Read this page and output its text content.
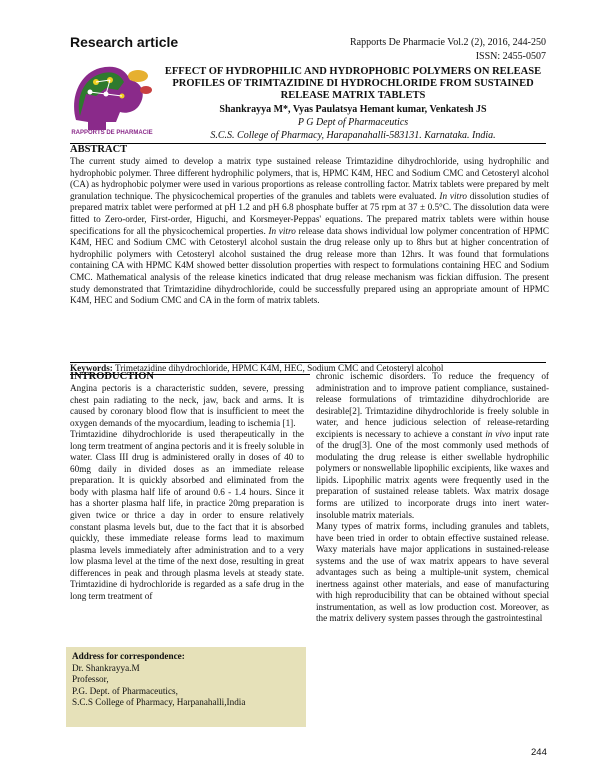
Research article	Rapports De Pharmacie Vol.2 (2), 2016, 244-250
ISSN: 2455-0507
RAPPORTS DE PHARMACIE
EFFECT OF HYDROPHILIC AND HYDROPHOBIC POLYMERS ON RELEASE PROFILES OF TRIMTAZIDINE DI HYDROCHLORIDE FROM SUSTAINED RELEASE MATRIX TABLETS
Shankrayya M*, Vyas Paulatsya Hemant kumar, Venkatesh JS
P G Dept of Pharmaceutics
S.C.S. College of Pharmacy, Harapanahalli-583131. Karnataka. India.
ABSTRACT
The current study aimed to develop a matrix type sustained release Trimtazidine dihydrochloride, using hydrophilic and hydrophobic polymer. Three different hydrophilic polymers, that is, HPMC K4M, HEC and Sodium CMC and Cetosteryl alcohol (CA) as hydrophobic polymer were used in various proportions as release controlling factor. Matrix tablets were prepared by melt granulation technique. The physicochemical properties of the granules and tablets were evaluated. In vitro dissolution studies of prepared matrix tablet were performed at pH 1.2 and pH 6.8 phosphate buffer at 75 rpm at 37 ± 0.5°C. The dissolution data were fitted to Zero-order, First-order, Higuchi, and Korsmeyer-Peppas' equations. The prepared matrix tablets were within house specifications for all the physicochemical properties. In vitro release data shows individual low polymer concentration of HPMC K4M, HEC and Sodium CMC with Cetosteryl alcohol sustain the drug release only up to 8hrs but at higher concentration of hydrophilic polymers with Cetosteryl alcohol sustained the drug release more than 12hrs. It was found that formulations containing CA with HPMC K4M showed better dissolution properties with respect to formulations containing HEC and Sodium CMC. Mathematical analysis of the release kinetics indicated that drug release mechanism was fickian diffusion. The present study demonstrated that Trimtazidine dihydrochloride, could be successfully prepared using an appropriate amount of HPMC K4M, HEC and Sodium CMC and CA in the form of matrix tablets.
Keywords: Trimetazidine dihydrochloride, HPMC K4M, HEC, Sodium CMC and Cetosteryl alcohol
INTRODUCTION

Angina pectoris is a characteristic sudden, severe, pressing chest pain radiating to the neck, jaw, back and arms. It is caused by coronary blood flow that is insufficient to meet the oxygen demands of the myocardium, leading to ischemia [1].

Trimtazidine dihydrochloride is used therapeutically in the long term treatment of angina pectoris and it is freely soluble in water. Class III drug is administered orally in doses of 40 to 60mg daily in divided doses as an immediate release preparation. It is quickly absorbed and eliminated from the body with plasma half life of around 0.6 - 1.4 hours. Since it has a shorter plasma half life, in practice 20mg preparation is given twice or thrice a day in order to ensure relatively constant plasma levels but, due to the fact that it is absorbed quickly, these immediate release forms lead to maximum plasma levels immediately after administration and to a very low plasma level at the time of the next dose, resulting in great differences in peak and through plasma levels at steady state. Trimtazidine di hydrochloride is regarded as a safe drug in the long term treatment of

chronic ischemic disorders. To reduce the frequency of administration and to improve patient compliance, sustained-release formulations of trimtazidine dihydrochloride are desirable[2]. Trimtazidine dihydrochloride is freely soluble in water, and hence judicious selection of release-retarding excipients is necessary to achieve a constant in vivo input rate of the drug[3]. One of the most commonly used methods of modulating the drug release is either swellable hydrophilic polymers or nonswellable lipophilic excipients, like waxes and lipids. Lipophilic matrix agents were frequently used in the preparation of sustained release tablets. Wax matrix dosage forms are utilized to incorporate drugs into inert water-insoluble matrix materials.

Many types of matrix forms, including granules and tablets, have been tried in order to obtain effective sustained release. Waxy materials have major applications in sustained-release systems and the use of wax matrix appears to have several advantages such as being a multiple-unit system, chemical inertness against other materials, and ease of manufacturing with high reproducibility that can be obtained without special instrumentation, as well as low production cost. Moreover, as the matrix delivery system passes through the gastrointestinal

Address for correspondence:
Dr. Shankrayya.M
Professor,
P.G. Dept. of Pharmaceutics,
S.C.S College of Pharmacy, Harpanahalli,India
244
